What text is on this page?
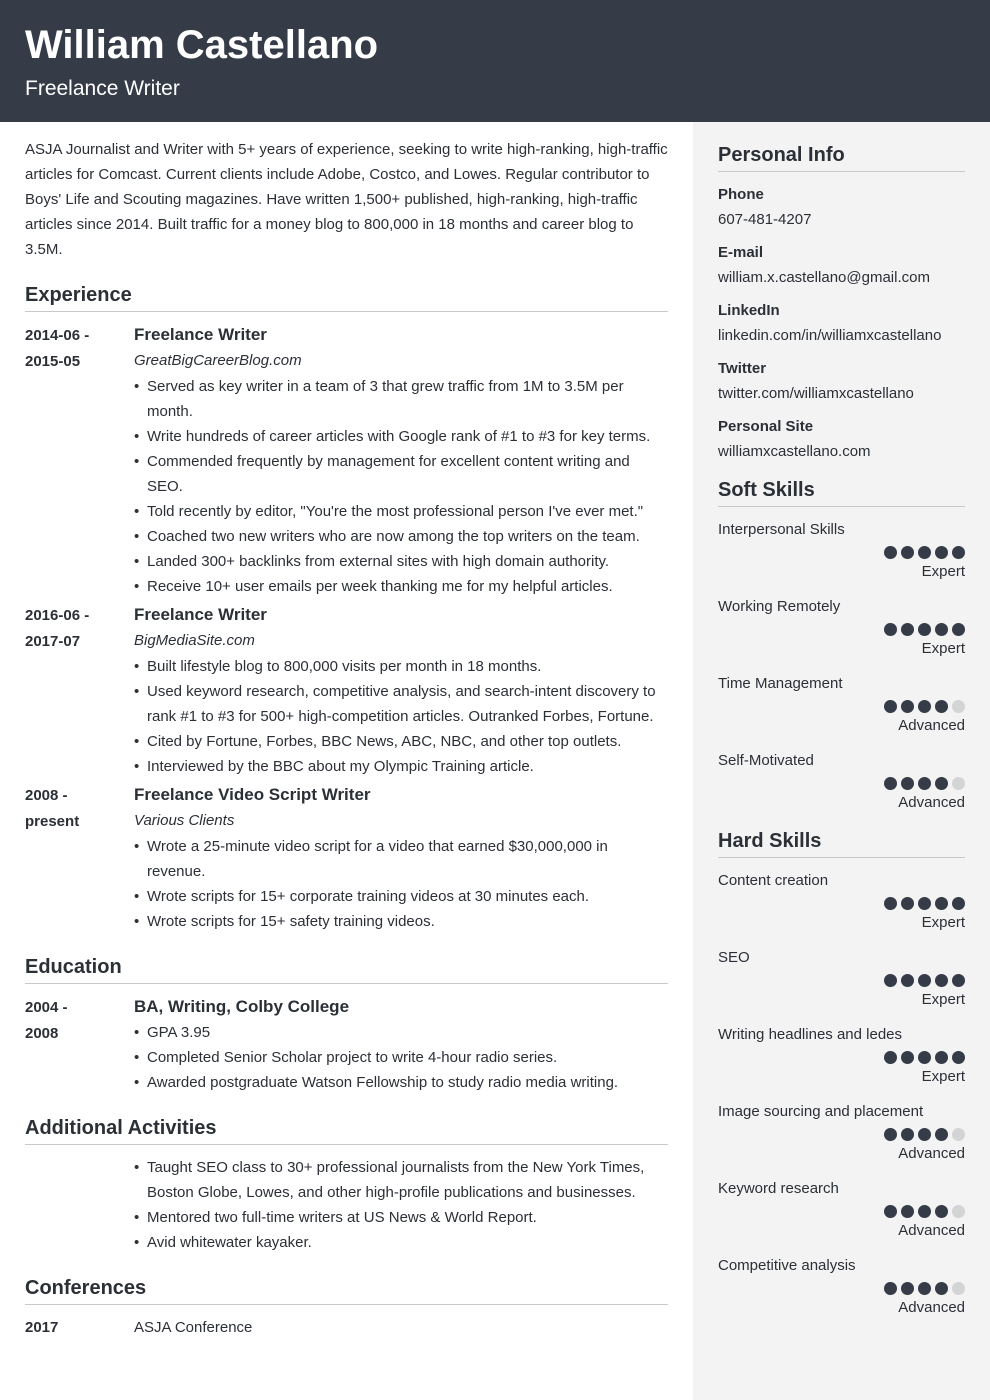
William Castellano
Freelance Writer

ASJA Journalist and Writer with 5+ years of experience, seeking to write high-ranking, high-traffic articles for Comcast. Current clients include Adobe, Costco, and Lowes. Regular contributor to Boys' Life and Scouting magazines. Have written 1,500+ published, high-ranking, high-traffic articles since 2014. Built traffic for a money blog to 800,000 in 18 months and career blog to 3.5M.

Experience
2014-06 -
2015-05
Freelance Writer
GreatBigCareerBlog.com
• Served as key writer in a team of 3 that grew traffic from 1M to 3.5M per month.
• Write hundreds of career articles with Google rank of #1 to #3 for key terms.
• Commended frequently by management for excellent content writing and SEO.
• Told recently by editor, "You're the most professional person I've ever met."
• Coached two new writers who are now among the top writers on the team.
• Landed 300+ backlinks from external sites with high domain authority.
• Receive 10+ user emails per week thanking me for my helpful articles.
2016-06 -
2017-07
Freelance Writer
BigMediaSite.com
• Built lifestyle blog to 800,000 visits per month in 18 months.
• Used keyword research, competitive analysis, and search-intent discovery to rank #1 to #3 for 500+ high-competition articles. Outranked Forbes, Fortune.
• Cited by Fortune, Forbes, BBC News, ABC, NBC, and other top outlets.
• Interviewed by the BBC about my Olympic Training article.
2008 -
present
Freelance Video Script Writer
Various Clients
• Wrote a 25-minute video script for a video that earned $30,000,000 in revenue.
• Wrote scripts for 15+ corporate training videos at 30 minutes each.
• Wrote scripts for 15+ safety training videos.
Education
2004 -
2008
BA, Writing, Colby College
• GPA 3.95
• Completed Senior Scholar project to write 4-hour radio series.
• Awarded postgraduate Watson Fellowship to study radio media writing.
Additional Activities
• Taught SEO class to 30+ professional journalists from the New York Times, Boston Globe, Lowes, and other high-profile publications and businesses.
• Mentored two full-time writers at US News & World Report.
• Avid whitewater kayaker.
Conferences
2017	ASJA Conference
Personal Info
Phone
607-481-4207
E-mail
william.x.castellano@gmail.com
LinkedIn
linkedin.com/in/williamxcastellano
Twitter
twitter.com/williamxcastellano
Personal Site
williamxcastellano.com
Soft Skills
Interpersonal Skills
Expert
Working Remotely
Expert
Time Management
Advanced
Self-Motivated
Advanced
Hard Skills
Content creation
Expert
SEO
Expert
Writing headlines and ledes
Expert
Image sourcing and placement
Advanced
Keyword research
Advanced
Competitive analysis
Advanced
